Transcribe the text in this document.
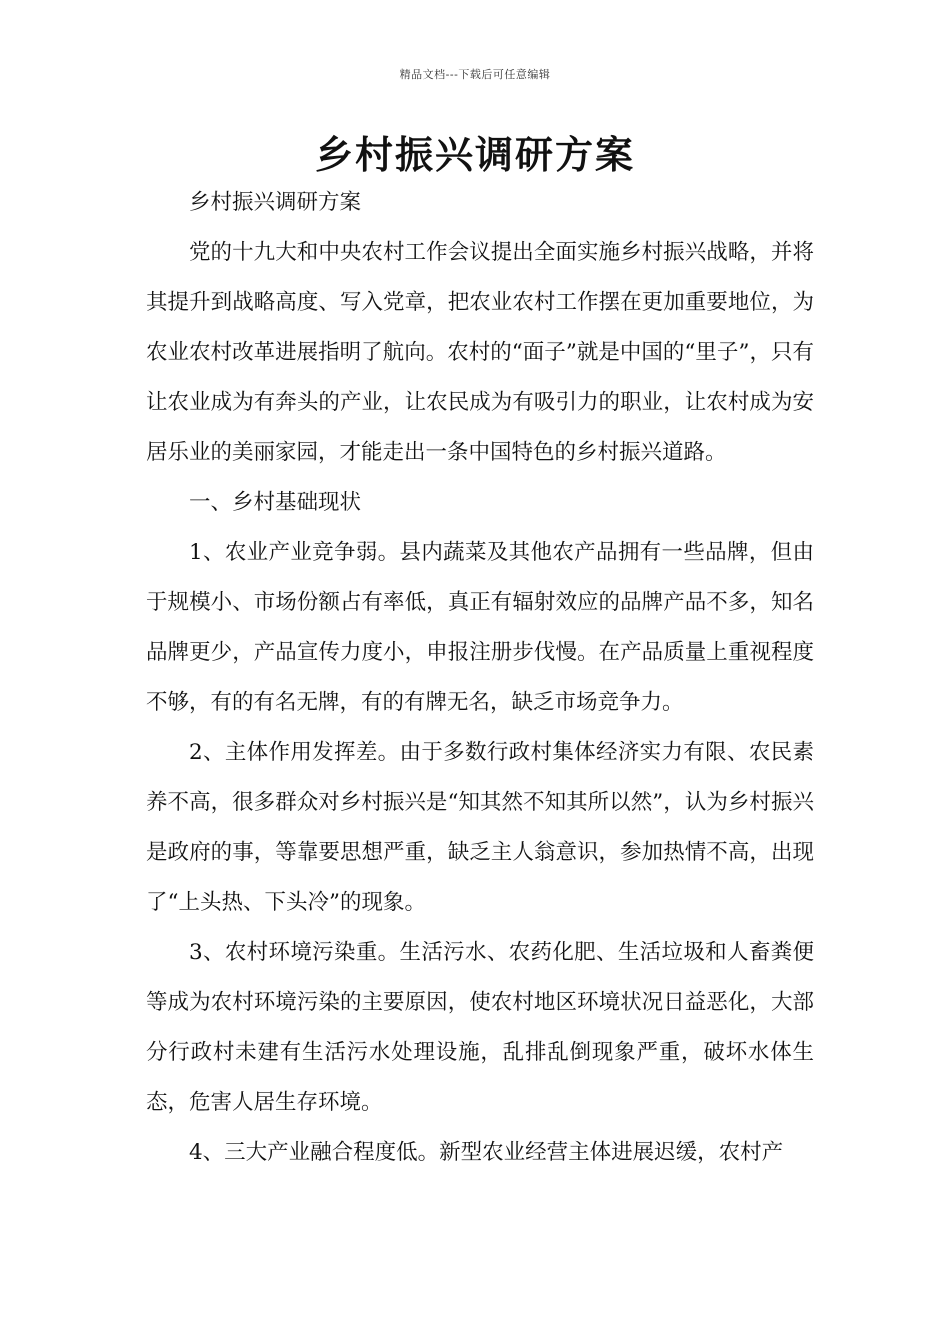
精品文档---下载后可任意编辑
乡村振兴调研方案

乡村振兴调研方案

党的十九大和中央农村工作会议提出全面实施乡村振兴战略，并将其提升到战略高度、写入党章，把农业农村工作摆在更加重要地位，为农业农村改革进展指明了航向。农村的“面子”就是中国的“里子”，只有让农业成为有奔头的产业，让农民成为有吸引力的职业，让农村成为安居乐业的美丽家园，才能走出一条中国特色的乡村振兴道路。

一、乡村基础现状

1、农业产业竞争弱。县内蔬菜及其他农产品拥有一些品牌，但由于规模小、市场份额占有率低，真正有辐射效应的品牌产品不多，知名品牌更少，产品宣传力度小，申报注册步伐慢。在产品质量上重视程度不够，有的有名无牌，有的有牌无名，缺乏市场竞争力。

2、主体作用发挥差。由于多数行政村集体经济实力有限、农民素养不高，很多群众对乡村振兴是“知其然不知其所以然”，认为乡村振兴是政府的事，等靠要思想严重，缺乏主人翁意识，参加热情不高，出现了“上头热、下头冷”的现象。

3、农村环境污染重。生活污水、农药化肥、生活垃圾和人畜粪便等成为农村环境污染的主要原因，使农村地区环境状况日益恶化，大部分行政村未建有生活污水处理设施，乱排乱倒现象严重，破坏水体生态，危害人居生存环境。

4、三大产业融合程度低。新型农业经营主体进展迟缓，农村产
